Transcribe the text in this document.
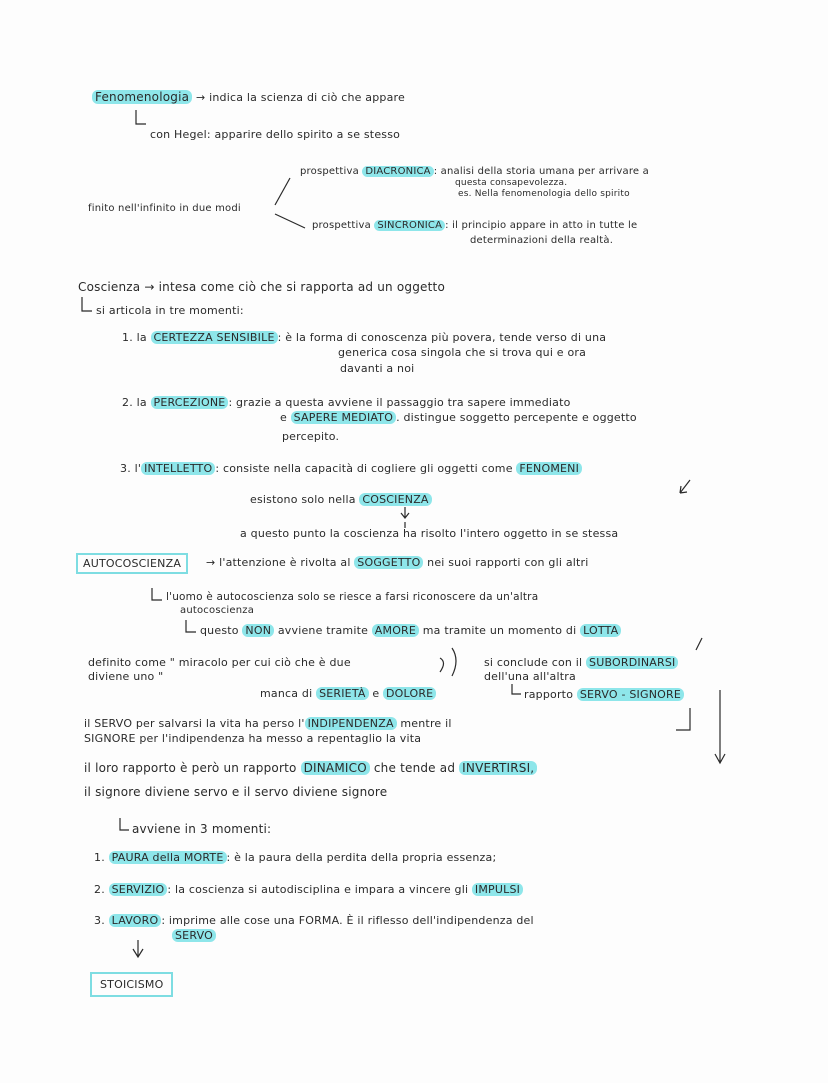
Fenomenologia → indica la scienza di ciò che appare
con Hegel: apparire dello spirito a se stesso
finito nell'infinito in due modi
prospettiva DIACRONICA : analisi della storia umana per arrivare a
questa consapevolezza.
es. Nella fenomenologia dello spirito
prospettiva SINCRONICA : il principio appare in atto in tutte le
determinazioni della realtà.
Coscienza → intesa come ciò che si rapporta ad un oggetto
si articola in tre momenti:
1. la CERTEZZA SENSIBILE : è la forma di conoscenza più povera, tende verso di una
generica cosa singola che si trova qui e ora
davanti a noi
2. la PERCEZIONE : grazie a questa avviene il passaggio tra sapere immediato
e SAPERE MEDIATO . distingue soggetto percepente e oggetto
percepito.
3. l' INTELLETTO : consiste nella capacità di cogliere gli oggetti come FENOMENI
esistono solo nella COSCIENZA
a questo punto la coscienza ha risolto l'intero oggetto in se stessa
AUTOCOSCIENZA	→ l'attenzione è rivolta al SOGGETTO nei suoi rapporti con gli altri
l'uomo è autocoscienza solo se riesce a farsi riconoscere da un'altra
autocoscienza
questo NON avviene tramite AMORE ma tramite un momento di LOTTA
definito come " miracolo per cui ciò che è due
diviene uno "
manca di SERIETÀ e DOLORE
si conclude con il SUBORDINARSI
dell'una all'altra
rapporto SERVO - SIGNORE
il SERVO per salvarsi la vita ha perso l' INDIPENDENZA mentre il
SIGNORE per l'indipendenza ha messo a repentaglio la vita
il loro rapporto è però un rapporto DINAMICO che tende ad INVERTIRSI,
il signore diviene servo e il servo diviene signore
avviene in 3 momenti:
1. PAURA della MORTE : è la paura della perdita della propria essenza;
2. SERVIZIO : la coscienza si autodisciplina e impara a vincere gli IMPULSI
3. LAVORO : imprime alle cose una FORMA. È il riflesso dell'indipendenza del
SERVO
STOICISMO
